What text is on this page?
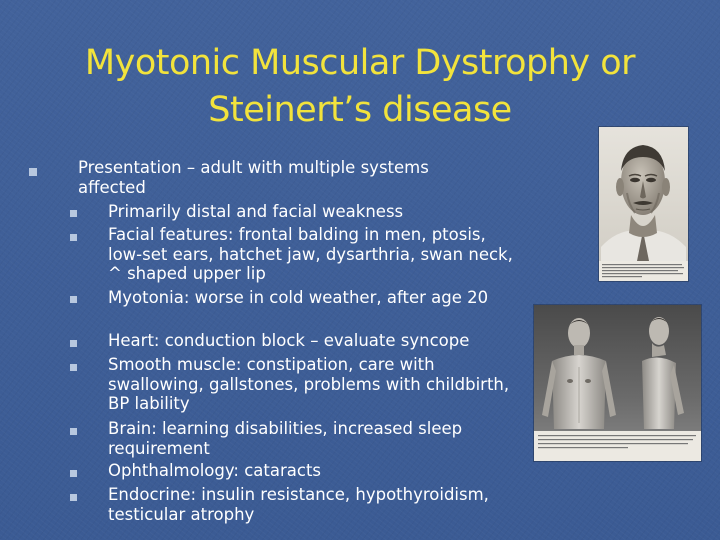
Myotonic Muscular Dystrophy or
Steinert’s disease
Presentation – adult with multiple systems affected
Primarily distal and facial weakness
Facial features: frontal balding in men, ptosis, low-set ears, hatchet jaw, dysarthria, swan neck, ^ shaped upper lip
Myotonia: worse in cold weather, after age 20
Heart: conduction block – evaluate syncope
Smooth muscle: constipation, care with swallowing, gallstones, problems with childbirth, BP lability
Brain: learning disabilities, increased sleep requirement
Ophthalmology: cataracts
Endocrine: insulin resistance, hypothyroidism, testicular atrophy
